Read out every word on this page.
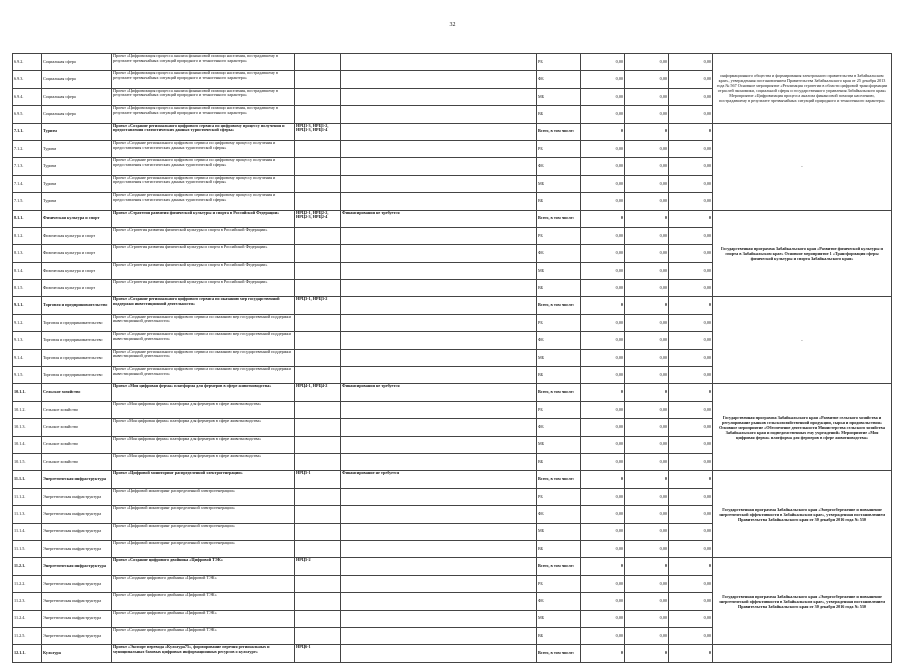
32
6.9.2.	Социальная сфера	Проект «Цифровизация процесса анализа финансовой помощи населения, пострадавшему в результате чрезвычайных ситуаций природного и техногенного характера»			РБ	0,00	0,00	0,00	информационного общества и формирования электронного правительства в Забайкальском крае», утвержденная постановлением Правительства Забайкальского края от 25 декабря 2013 года № 567 Основное мероприятие «Реализация стратегии в области цифровой трансформации отраслей экономики, социальной сферы и государственного управления Забайкальского края» Мероприятие «Цифровизация процесса анализа финансовой помощи населению, пострадавшему в результате чрезвычайных ситуаций природного и техногенного характера»
6.9.3.	Социальная сфера	Проект «Цифровизация процесса анализа финансовой помощи населения, пострадавшему в результате чрезвычайных ситуаций природного и техногенного характера»			ФБ	0,00	0,00	0,00	
6.9.4.	Социальная сфера	Проект «Цифровизация процесса анализа финансовой помощи населения, пострадавшему в результате чрезвычайных ситуаций природного и техногенного характера»			МБ	0,00	0,00	0,00	
6.9.5.	Социальная сфера	Проект «Цифровизация процесса анализа финансовой помощи населения, пострадавшему в результате чрезвычайных ситуаций природного и техногенного характера»			ВБ	0,00	0,00	0,00	
7.1.1.	Туризм	Проект «Создание регионального цифрового сервиса по цифровому процессу получения и предоставления статистических данных туристической сферы»	НРЦ1-3, НРЦ1-2, НРЦ1-3, НРЦ1-4		Всего, в том числе:	0	0	0	-
7.1.2.	Туризм	Проект «Создание регионального цифрового сервиса по цифровому процессу получения и предоставления статистических данных туристической сферы»			РБ	0,00	0,00	0,00	
7.1.3.	Туризм	Проект «Создание регионального цифрового сервиса по цифровому процессу получения и предоставления статистических данных туристической сферы»			ФБ	0,00	0,00	0,00	
7.1.4.	Туризм	Проект «Создание регионального цифрового сервиса по цифровому процессу получения и предоставления статистических данных туристической сферы»			МБ	0,00	0,00	0,00	
7.1.5.	Туризм	Проект «Создание регионального цифрового сервиса по цифровому процессу получения и предоставления статистических данных туристической сферы»			ВБ	0,00	0,00	0,00	
8.1.1.	Физическая культура и спорт	Проект «Стратегия развития физической культуры и спорта в Российской Федерации»	НРЦ2-1, НРЦ2-2, НРЦ2-3, НРЦ2-4	Финансирования не требуется	Всего, в том числе:	0	0	0	Государственная программа Забайкальского края «Развитие физической культуры и спорта в Забайкальском крае» Основное мероприятие 1 «Трансформация сферы физической культуры и спорта Забайкальского края»
8.1.2.	Физическая культура и спорт	Проект «Стратегия развития физической культуры и спорта в Российской Федерации»			РБ	0,00	0,00	0,00	
8.1.3.	Физическая культура и спорт	Проект «Стратегия развития физической культуры и спорта в Российской Федерации»			ФБ	0,00	0,00	0,00	
8.1.4.	Физическая культура и спорт	Проект «Стратегия развития физической культуры и спорта в Российской Федерации»			МБ	0,00	0,00	0,00	
8.1.5.	Физическая культура и спорт	Проект «Стратегия развития физической культуры и спорта в Российской Федерации»			ВБ	0,00	0,00	0,00	
9.1.1.	Торговля и предпринимательство	Проект «Создание регионального цифрового сервиса по оказанию мер государственной поддержки инвестиционной деятельности»	НРЦ3-1, НРЦ3-2		Всего, в том числе:	0	0	0	-
9.1.2.	Торговля и предпринимательство	Проект «Создание регионального цифрового сервиса по оказанию мер государственной поддержки инвестиционной деятельности»			РБ	0,00	0,00	0,00	
9.1.3.	Торговля и предпринимательство	Проект «Создание регионального цифрового сервиса по оказанию мер государственной поддержки инвестиционной деятельности»			ФБ	0,00	0,00	0,00	
9.1.4.	Торговля и предпринимательство	Проект «Создание регионального цифрового сервиса по оказанию мер государственной поддержки инвестиционной деятельности»			МБ	0,00	0,00	0,00	
9.1.5.	Торговля и предпринимательство	Проект «Создание регионального цифрового сервиса по оказанию мер государственной поддержки инвестиционной деятельности»			ВБ	0,00	0,00	0,00	
10.1.1.	Сельское хозяйство	Проект «Моя цифровая ферма» платформа для фермеров в сфере животноводства»	НРЦ4-1, НРЦ4-2	Финансирования не требуется	Всего, в том числе:	0	0	0	Государственная программа Забайкальского края «Развитие сельского хозяйства и регулирование рынков сельскохозяйственной продукции, сырья и продовольствия» Основное мероприятие «Обеспечение деятельности Министерства сельского хозяйства Забайкальского края и подведомственных ему учреждений» Мероприятие «Моя цифровая ферма» платформа для фермеров в сфере животноводства»
10.1.2.	Сельское хозяйство	Проект «Моя цифровая ферма» платформа для фермеров в сфере животноводства»			РБ	0,00	0,00	0,00	
10.1.3.	Сельское хозяйство	Проект «Моя цифровая ферма» платформа для фермеров в сфере животноводства»			ФБ	0,00	0,00	0,00	
10.1.4.	Сельское хозяйство	Проект «Моя цифровая ферма» платформа для фермеров в сфере животноводства»			МБ	0,00	0,00	0,00	
10.1.5.	Сельское хозяйство	Проект «Моя цифровая ферма» платформа для фермеров в сфере животноводства»			ВБ	0,00	0,00	0,00	
11.1.1.	Энергетическая инфраструктура	Проект «Цифровой мониторинг распределенной электрогенерации»	НРЦ5-1	Финансирование не требуется	Всего, в том числе:	0	0	0	Государственная программа Забайкальского края «Энергосбережение и повышение энергетической эффективности в Забайкальском крае», утвержденная постановлением Правительства Забайкальского края от 30 декабря 2016 года № 530
11.1.2.	Энергетическая инфраструктура	Проект «Цифровой мониторинг распределенной электрогенерации»			РБ	0,00	0,00	0,00	
11.1.3.	Энергетическая инфраструктура	Проект «Цифровой мониторинг распределенной электрогенерации»			ФБ	0,00	0,00	0,00	
11.1.4.	Энергетическая инфраструктура	Проект «Цифровой мониторинг распределенной электрогенерации»			МБ	0,00	0,00	0,00	
11.1.5.	Энергетическая инфраструктура	Проект «Цифровой мониторинг распределенной электрогенерации»			ВБ	0,00	0,00	0,00	
11.2.1.	Энергетическая инфраструктура	Проект «Создание цифрового двойника «Цифровой ТЭК»	НРЦ5-2		Всего, в том числе:	0	0	0	Государственная программа Забайкальского края «Энергосбережение и повышение энергетической эффективности в Забайкальском крае», утвержденная постановлением Правительства Забайкальского края от 30 декабря 2016 года № 530
11.2.2.	Энергетическая инфраструктура	Проект «Создание цифрового двойника «Цифровой ТЭК»			РБ	0,00	0,00	0,00	
11.2.3.	Энергетическая инфраструктура	Проект «Создание цифрового двойника «Цифровой ТЭК»			ФБ	0,00	0,00	0,00	
11.2.4.	Энергетическая инфраструктура	Проект «Создание цифрового двойника «Цифровой ТЭК»			МБ	0,00	0,00	0,00	
11.2.5.	Энергетическая инфраструктура	Проект «Создание цифрового двойника «Цифровой ТЭК»			ВБ	0,00	0,00	0,00	
12.1.1.	Культура	Проект «Экспорт перевода «Культура75», формирование перечня региональных и муниципальных базовых цифровых информационных ресурсов о культуре»	НРЦ6-1		Всего, в том числе:	0	0	0	
